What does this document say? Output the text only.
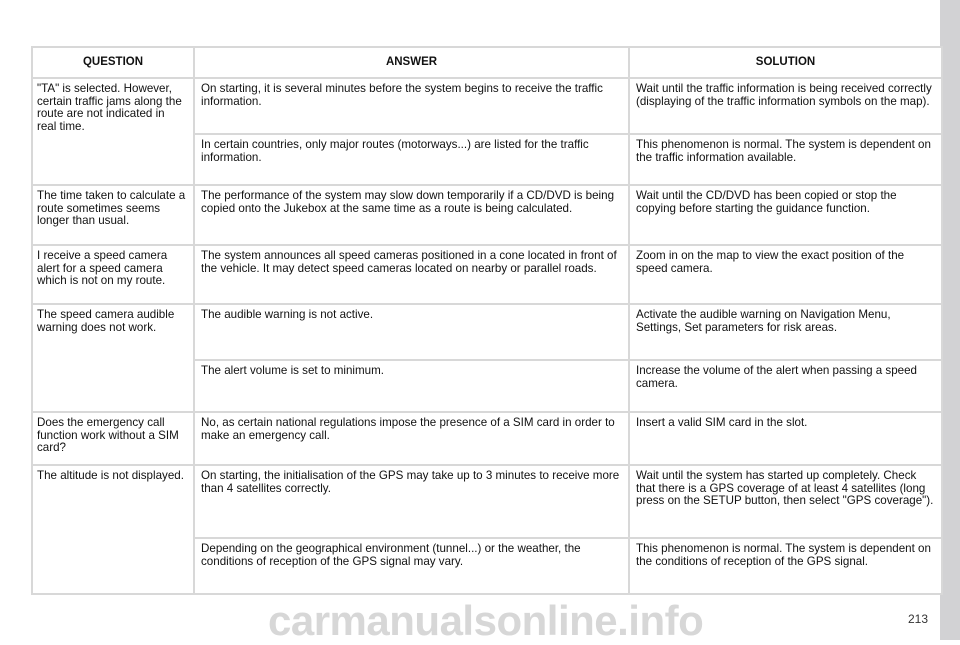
QUESTION	ANSWER	SOLUTION
"TA" is selected. However, certain traffic jams along the route are not indicated in real time.	On starting, it is several minutes before the system begins to receive the traffic information.	Wait until the traffic information is being received correctly (displaying of the traffic information symbols on the map).
	In certain countries, only major routes (motorways...) are listed for the traffic information.	This phenomenon is normal. The system is dependent on the traffic information available.
The time taken to calculate a route sometimes seems longer than usual.	The performance of the system may slow down temporarily if a CD/DVD is being copied onto the Jukebox at the same time as a route is being calculated.	Wait until the CD/DVD has been copied or stop the copying before starting the guidance function.
I receive a speed camera alert for a speed camera which is not on my route.	The system announces all speed cameras positioned in a cone located in front of the vehicle. It may detect speed cameras located on nearby or parallel roads.	Zoom in on the map to view the exact position of the speed camera.
The speed camera audible warning does not work.	The audible warning is not active.	Activate the audible warning on Navigation Menu, Settings, Set parameters for risk areas.
	The alert volume is set to minimum.	Increase the volume of the alert when passing a speed camera.
Does the emergency call function work without a SIM card?	No, as certain national regulations impose the presence of a SIM card in order to make an emergency call.	Insert a valid SIM card in the slot.
The altitude is not displayed.	On starting, the initialisation of the GPS may take up to 3 minutes to receive more than 4 satellites correctly.	Wait until the system has started up completely. Check that there is a GPS coverage of at least 4 satellites (long press on the SETUP button, then select "GPS coverage").
	Depending on the geographical environment (tunnel...) or the weather, the conditions of reception of the GPS signal may vary.	This phenomenon is normal. The system is dependent on the conditions of reception of the GPS signal.
carmanualsonline.info	213
